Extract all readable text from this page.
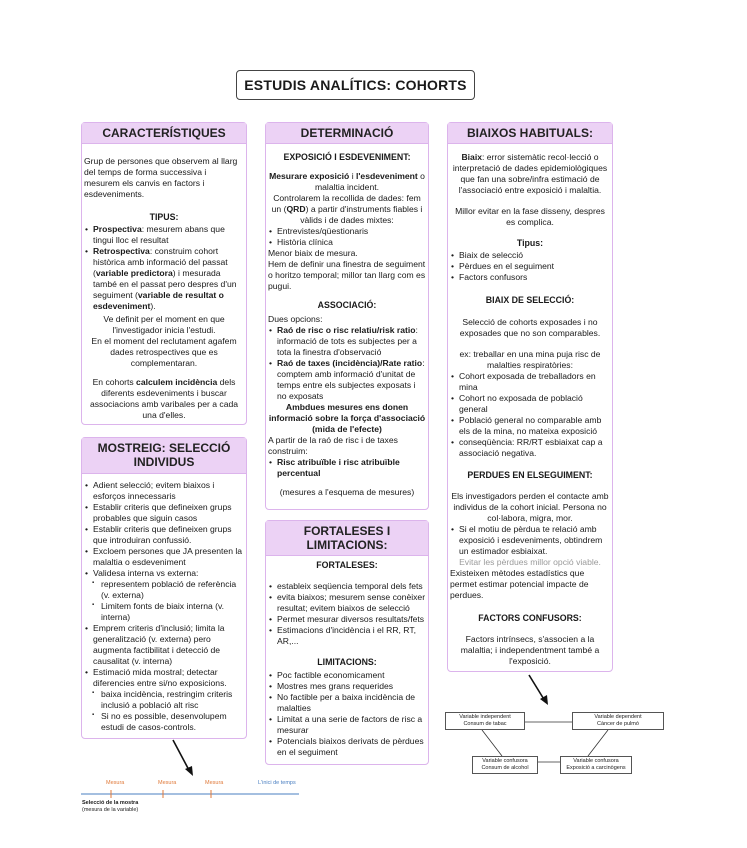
ESTUDIS ANALÍTICS: COHORTS
CARACTERÍSTIQUES
Grup de persones que observem al llarg del temps de forma successiva i mesurem els canvis en factors i esdeveniments.
TIPUS:
• Prospectiva: mesurem abans que tingui lloc el resultat
• Retrospectiva: construim cohort històrica amb informació del passat (variable predictora) i mesurada també en el passat pero despres d'un seguiment (variable de resultat o esdeveniment).
Ve definit per el moment en que l'investigador inicia l'estudi.
En el moment del reclutament agafem dades retrospectives que es complementaran.
En cohorts calculem incidència dels diferents esdeveniments i buscar associacions amb varibales per a cada una d'elles.
MOSTREIG: SELECCIÓ INDIVIDUS
• Adient selecció; evitem biaixos i esforços innecessaris
• Establir criteris que defineixen grups probables que siguin casos
• Establir criteris que defineixen grups que introduiran confussió.
• Excloem persones que JA presenten la malaltia o esdeveniment
• Validesa interna vs externa:
▪ representem població de referència (v. externa)
▪ Limitem fonts de biaix interna (v. interna)
• Emprem criteris d'inclusió; limita la generalització (v. externa) pero augmenta factibilitat i detecció de causalitat (v. interna)
• Estimació mida mostral; detectar diferencies entre si/no exposicions.
▪ baixa incidència, restringim criteris inclusió a població alt risc
▪ Si no es possible, desenvolupem estudi de casos-controls.
DETERMINACIÓ
EXPOSICIÓ I ESDEVENIMENT:
Mesurare exposició i l'esdeveniment o malaltia incident.
Controlarem la recollida de dades: fem un (QRD) a partir d'instruments fiables i vàlids i de dades mixtes:
• Entrevistes/qüestionaris
• Història clínica
Menor biaix de mesura.
Hem de definir una finestra de seguiment o horitzo temporal; millor tan llarg com es pugui.
ASSOCIACIÓ:
Dues opcions:
• Raó de risc o risc relatiu/risk ratio: informació de tots es subjectes per a tota la finestra d'observació
• Raó de taxes (incidència)/Rate ratio: comptem amb informació d'unitat de temps entre els subjectes exposats i no exposats
Ambdues mesures ens donen informació sobre la força d'associació (mida de l'efecte)
A partir de la raó de risc i de taxes construim:
• Risc atribuïble i risc atribuïble percentual
(mesures a l'esquema de mesures)
FORTALESES I LIMITACIONS:
FORTALESES:
• estableix seqüencia temporal dels fets
• evita biaixos; mesurem sense conèixer resultat; evitem biaixos de selecció
• Permet mesurar diversos resultats/fets
• Estimacions d'incidència i el RR, RT, AR,...
LIMITACIONS:
• Poc factible economicament
• Mostres mes grans requerides
• No factible per a baixa incidència de malalties
• Limitat a una serie de factors de risc a mesurar
• Potencials biaixos derivats de pèrdues en el seguiment
BIAIXOS HABITUALS:
Biaix: error sistemàtic recol·lecció o interpretació de dades epidemiològiques que fan una sobre/infra estimació de l'associació entre exposició i malaltia.
Millor evitar en la fase disseny, despres es complica.
Tipus:
• Biaix de selecció
• Pèrdues en el seguiment
• Factors confusors
BIAIX DE SELECCIÓ:
Selecció de cohorts exposades i no exposades que no son comparables.
ex: treballar en una mina puja risc de malalties respiratòries:
• Cohort exposada de treballadors en mina
• Cohort no exposada de població general
• Població general no comparable amb els de la mina, no mateixa exposició
• conseqüència: RR/RT esbiaixat cap a associació negativa.
PERDUES EN ELSEGUIMENT:
Els investigadors perden el contacte amb individus de la cohort inicial. Persona no col·labora, migra, mor.
• Si el motiu de pèrdua te relació amb exposició i esdeveniments, obtindrem un estimador esbiaixat.
Evitar les pèrdues millor opció viable.
Existeixen mètodes estadístics que permet estimar potencial impacte de perdues.
FACTORS CONFUSORS:
Factors intrínsecs, s'associen a la malaltia; i independentment també a l'exposició.
Variable independent
Consum de tabac
Variable dependent
Càncer de pulmó
Variable confusora
Consum de alcohol
Variable confusora
Exposició a carcinògens
Mesura	Mesura	Mesura	L'inici de temps
Selecció de la mostra
(mesura de la variable)
